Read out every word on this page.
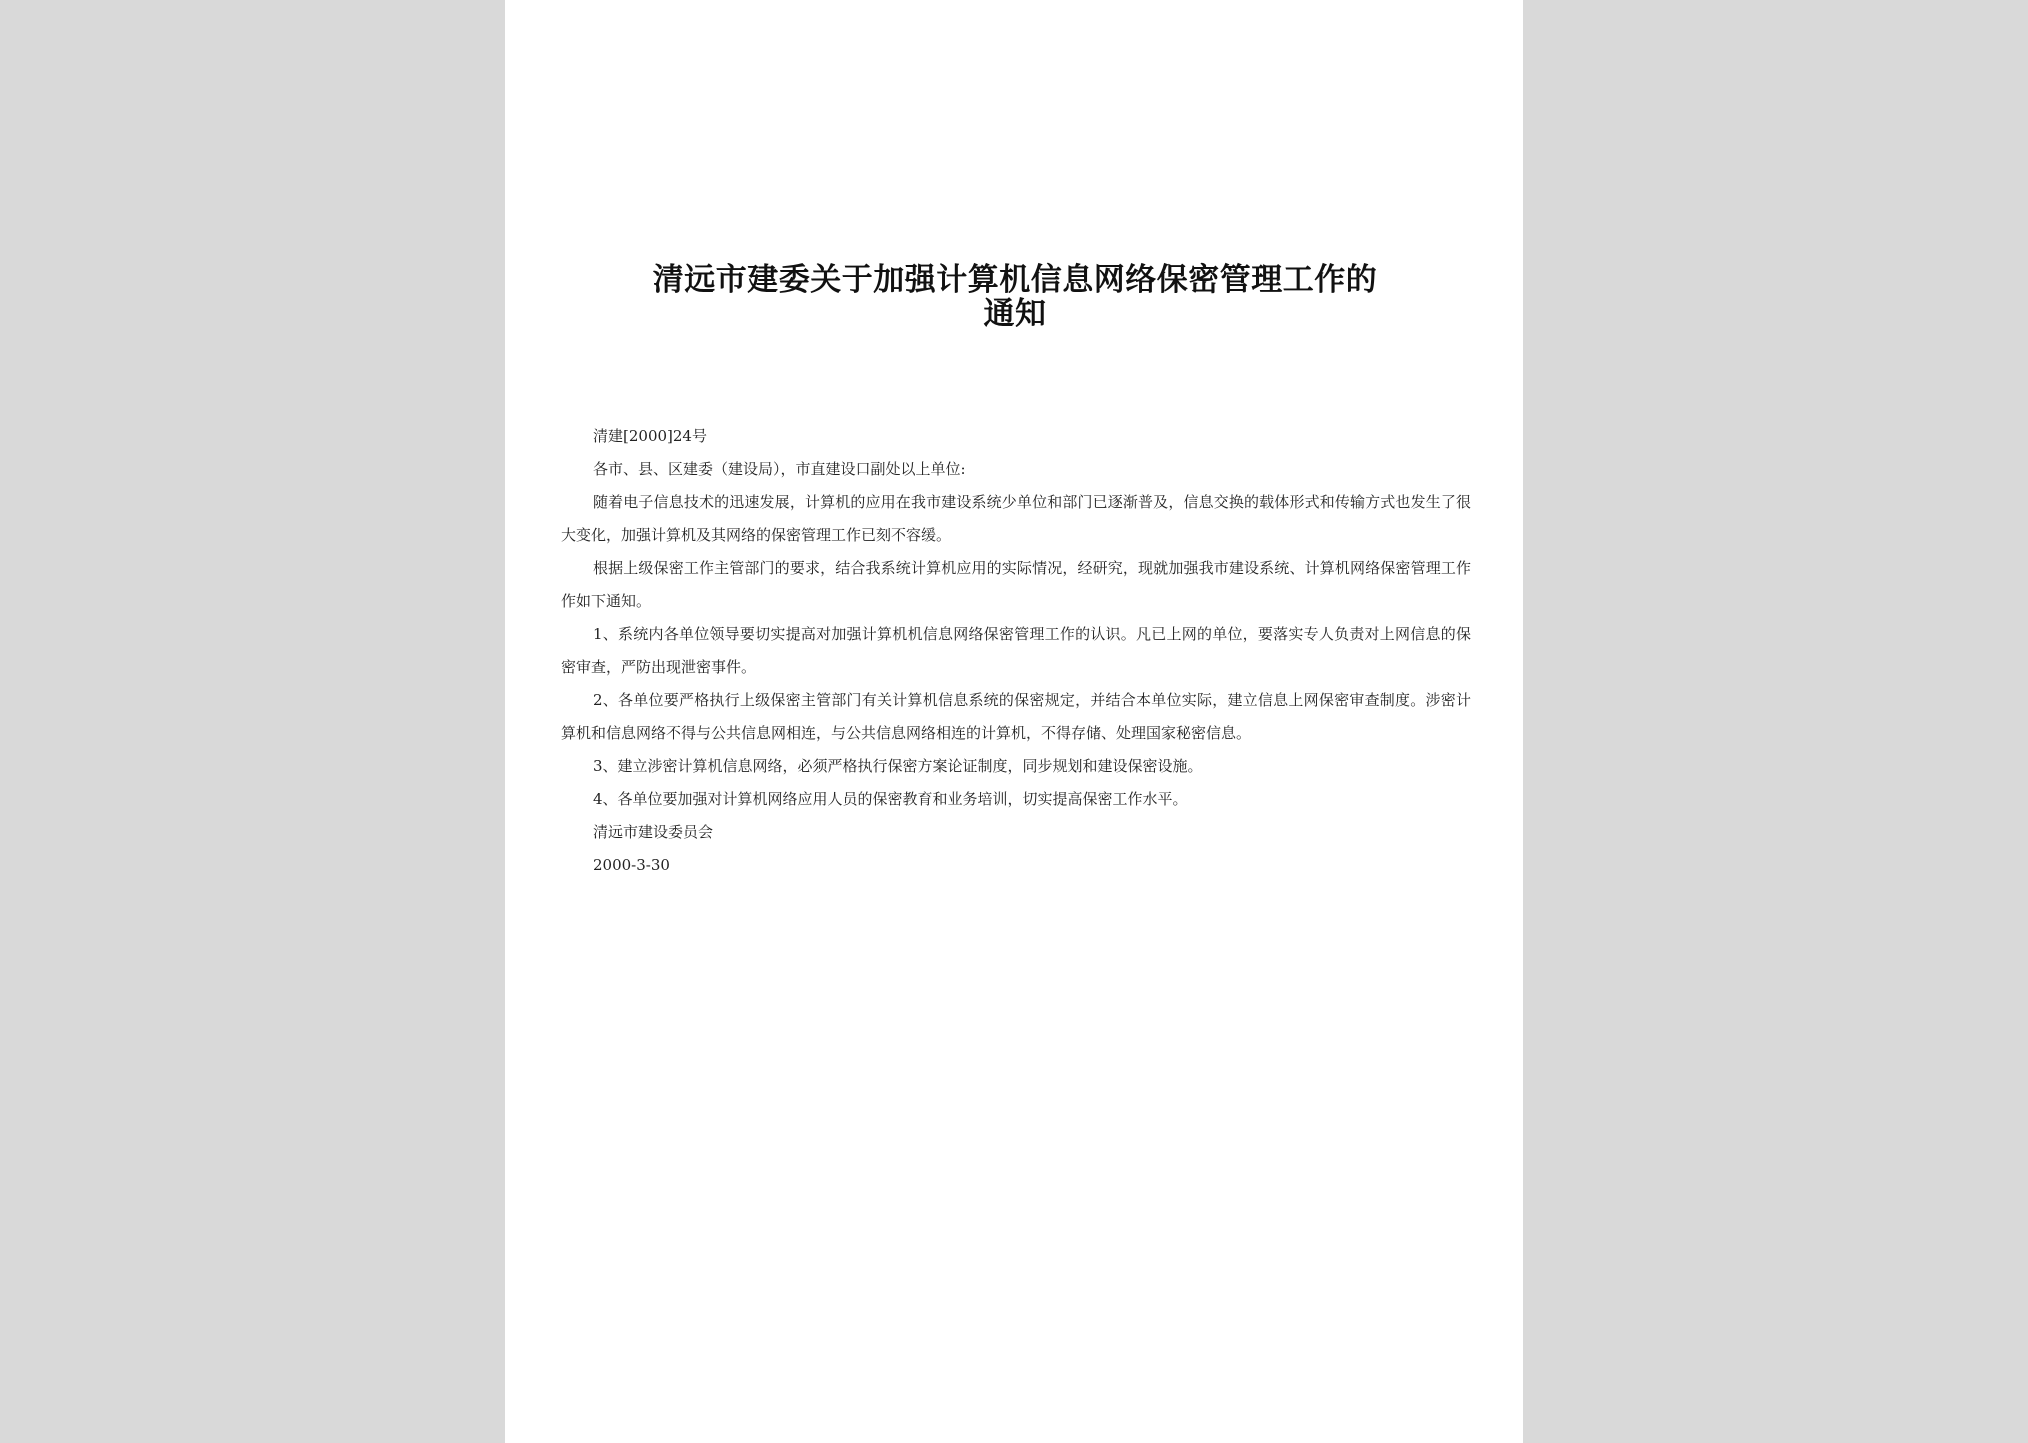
清远市建委关于加强计算机信息网络保密管理工作的
通知

清建[2000]24号

各市、县、区建委（建设局），市直建设口副处以上单位:

随着电子信息技术的迅速发展，计算机的应用在我市建设系统少单位和部门已逐渐普及，信息交换的载体形式和传输方式也发生了很大变化，加强计算机及其网络的保密管理工作已刻不容缓。

根据上级保密工作主管部门的要求，结合我系统计算机应用的实际情况，经研究，现就加强我市建设系统、计算机网络保密管理工作作如下通知。

1、系统内各单位领导要切实提高对加强计算机机信息网络保密管理工作的认识。凡已上网的单位，要落实专人负责对上网信息的保密审查，严防出现泄密事件。

2、各单位要严格执行上级保密主管部门有关计算机信息系统的保密规定，并结合本单位实际，建立信息上网保密审查制度。涉密计算机和信息网络不得与公共信息网相连，与公共信息网络相连的计算机，不得存储、处理国家秘密信息。

3、建立涉密计算机信息网络，必须严格执行保密方案论证制度，同步规划和建设保密设施。

4、各单位要加强对计算机网络应用人员的保密教育和业务培训，切实提高保密工作水平。

清远市建设委员会

2000-3-30
